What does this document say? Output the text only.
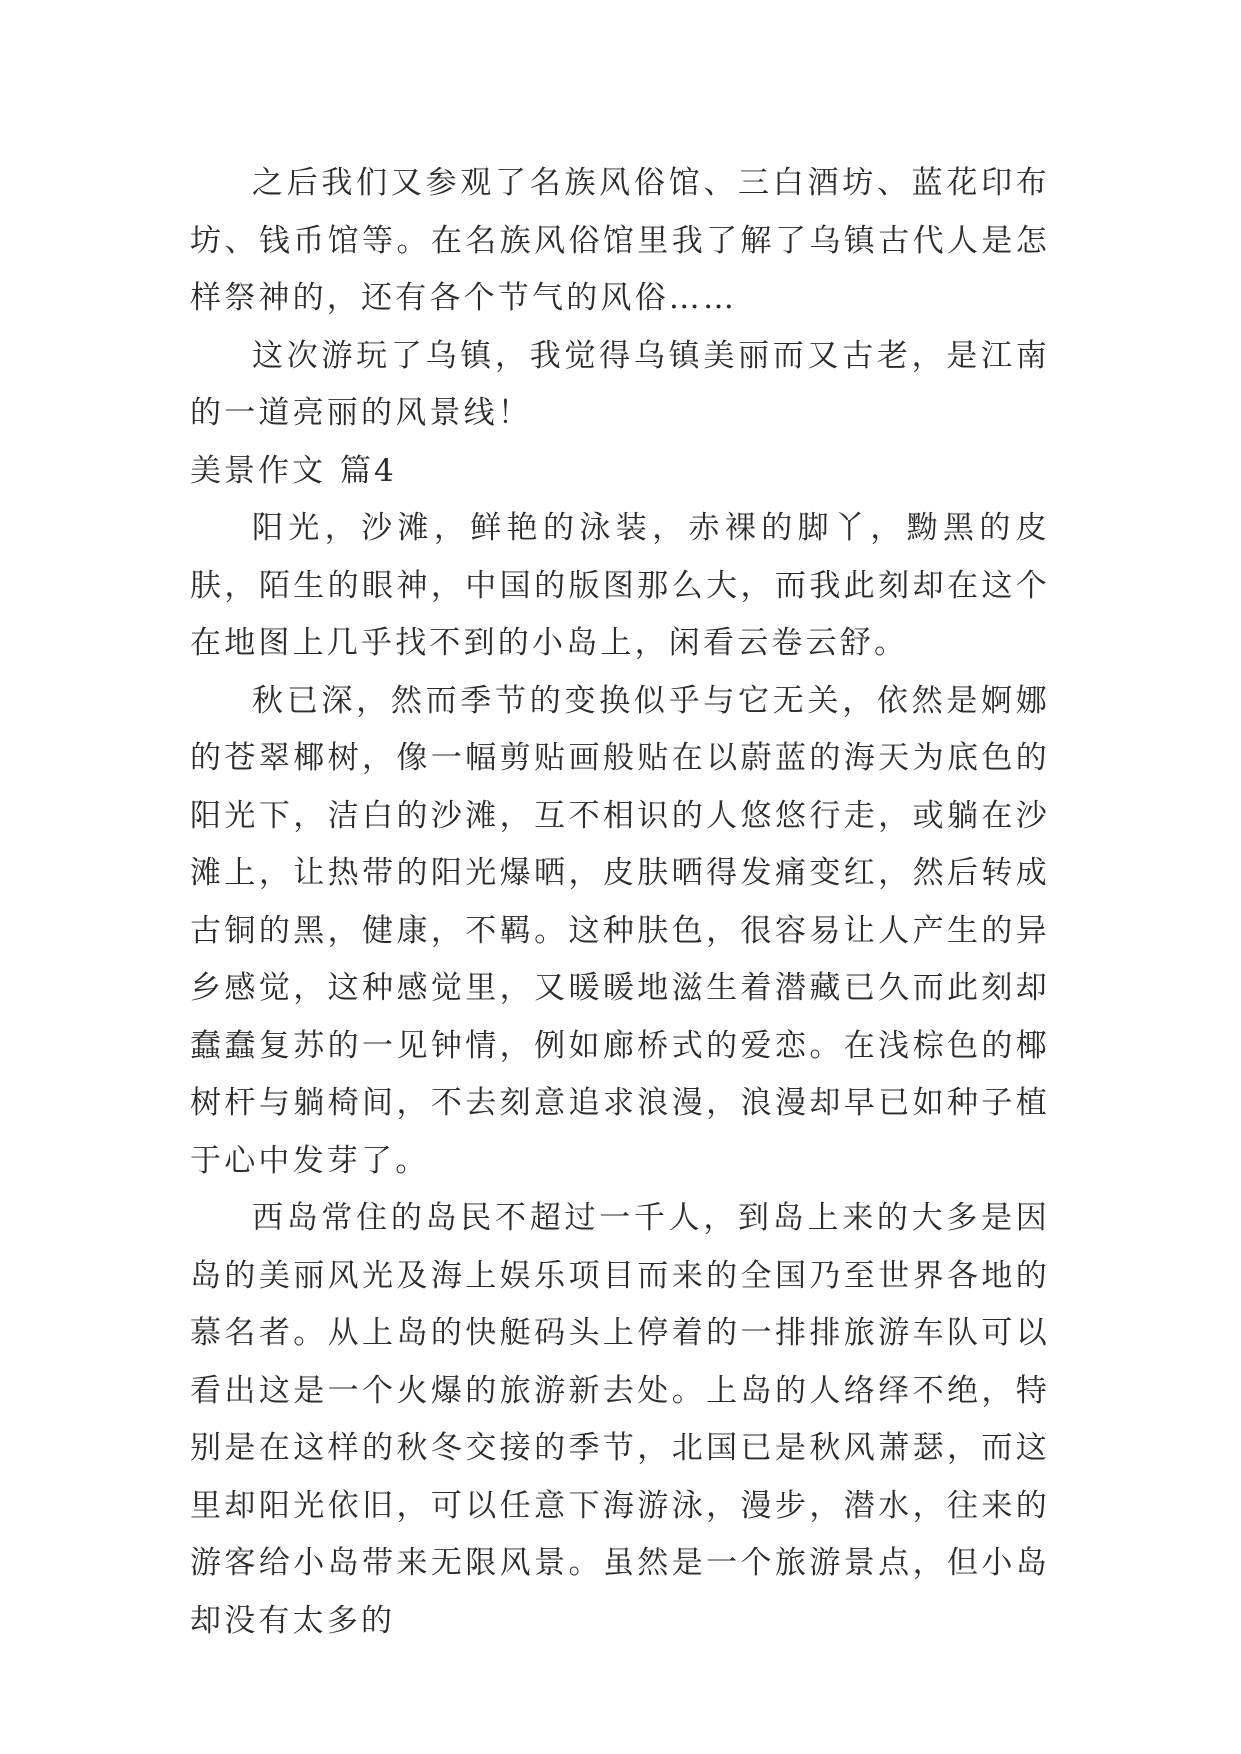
之后我们又参观了名族风俗馆、三白酒坊、蓝花印布坊、钱币馆等。在名族风俗馆里我了解了乌镇古代人是怎样祭神的，还有各个节气的风俗……

这次游玩了乌镇，我觉得乌镇美丽而又古老，是江南的一道亮丽的风景线！

美景作文 篇4

阳光，沙滩，鲜艳的泳装，赤裸的脚丫，黝黑的皮肤，陌生的眼神，中国的版图那么大，而我此刻却在这个在地图上几乎找不到的小岛上，闲看云卷云舒。

秋已深，然而季节的变换似乎与它无关，依然是婀娜的苍翠椰树，像一幅剪贴画般贴在以蔚蓝的海天为底色的阳光下，洁白的沙滩，互不相识的人悠悠行走，或躺在沙滩上，让热带的阳光爆晒，皮肤晒得发痛变红，然后转成古铜的黑，健康，不羁。这种肤色，很容易让人产生的异乡感觉，这种感觉里，又暖暖地滋生着潜藏已久而此刻却蠢蠢复苏的一见钟情，例如廊桥式的爱恋。在浅棕色的椰树杆与躺椅间，不去刻意追求浪漫，浪漫却早已如种子植于心中发芽了。

西岛常住的岛民不超过一千人，到岛上来的大多是因岛的美丽风光及海上娱乐项目而来的全国乃至世界各地的慕名者。从上岛的快艇码头上停着的一排排旅游车队可以看出这是一个火爆的旅游新去处。上岛的人络绎不绝，特别是在这样的秋冬交接的季节，北国已是秋风萧瑟，而这里却阳光依旧，可以任意下海游泳，漫步，潜水，往来的游客给小岛带来无限风景。虽然是一个旅游景点，但小岛却没有太多的
